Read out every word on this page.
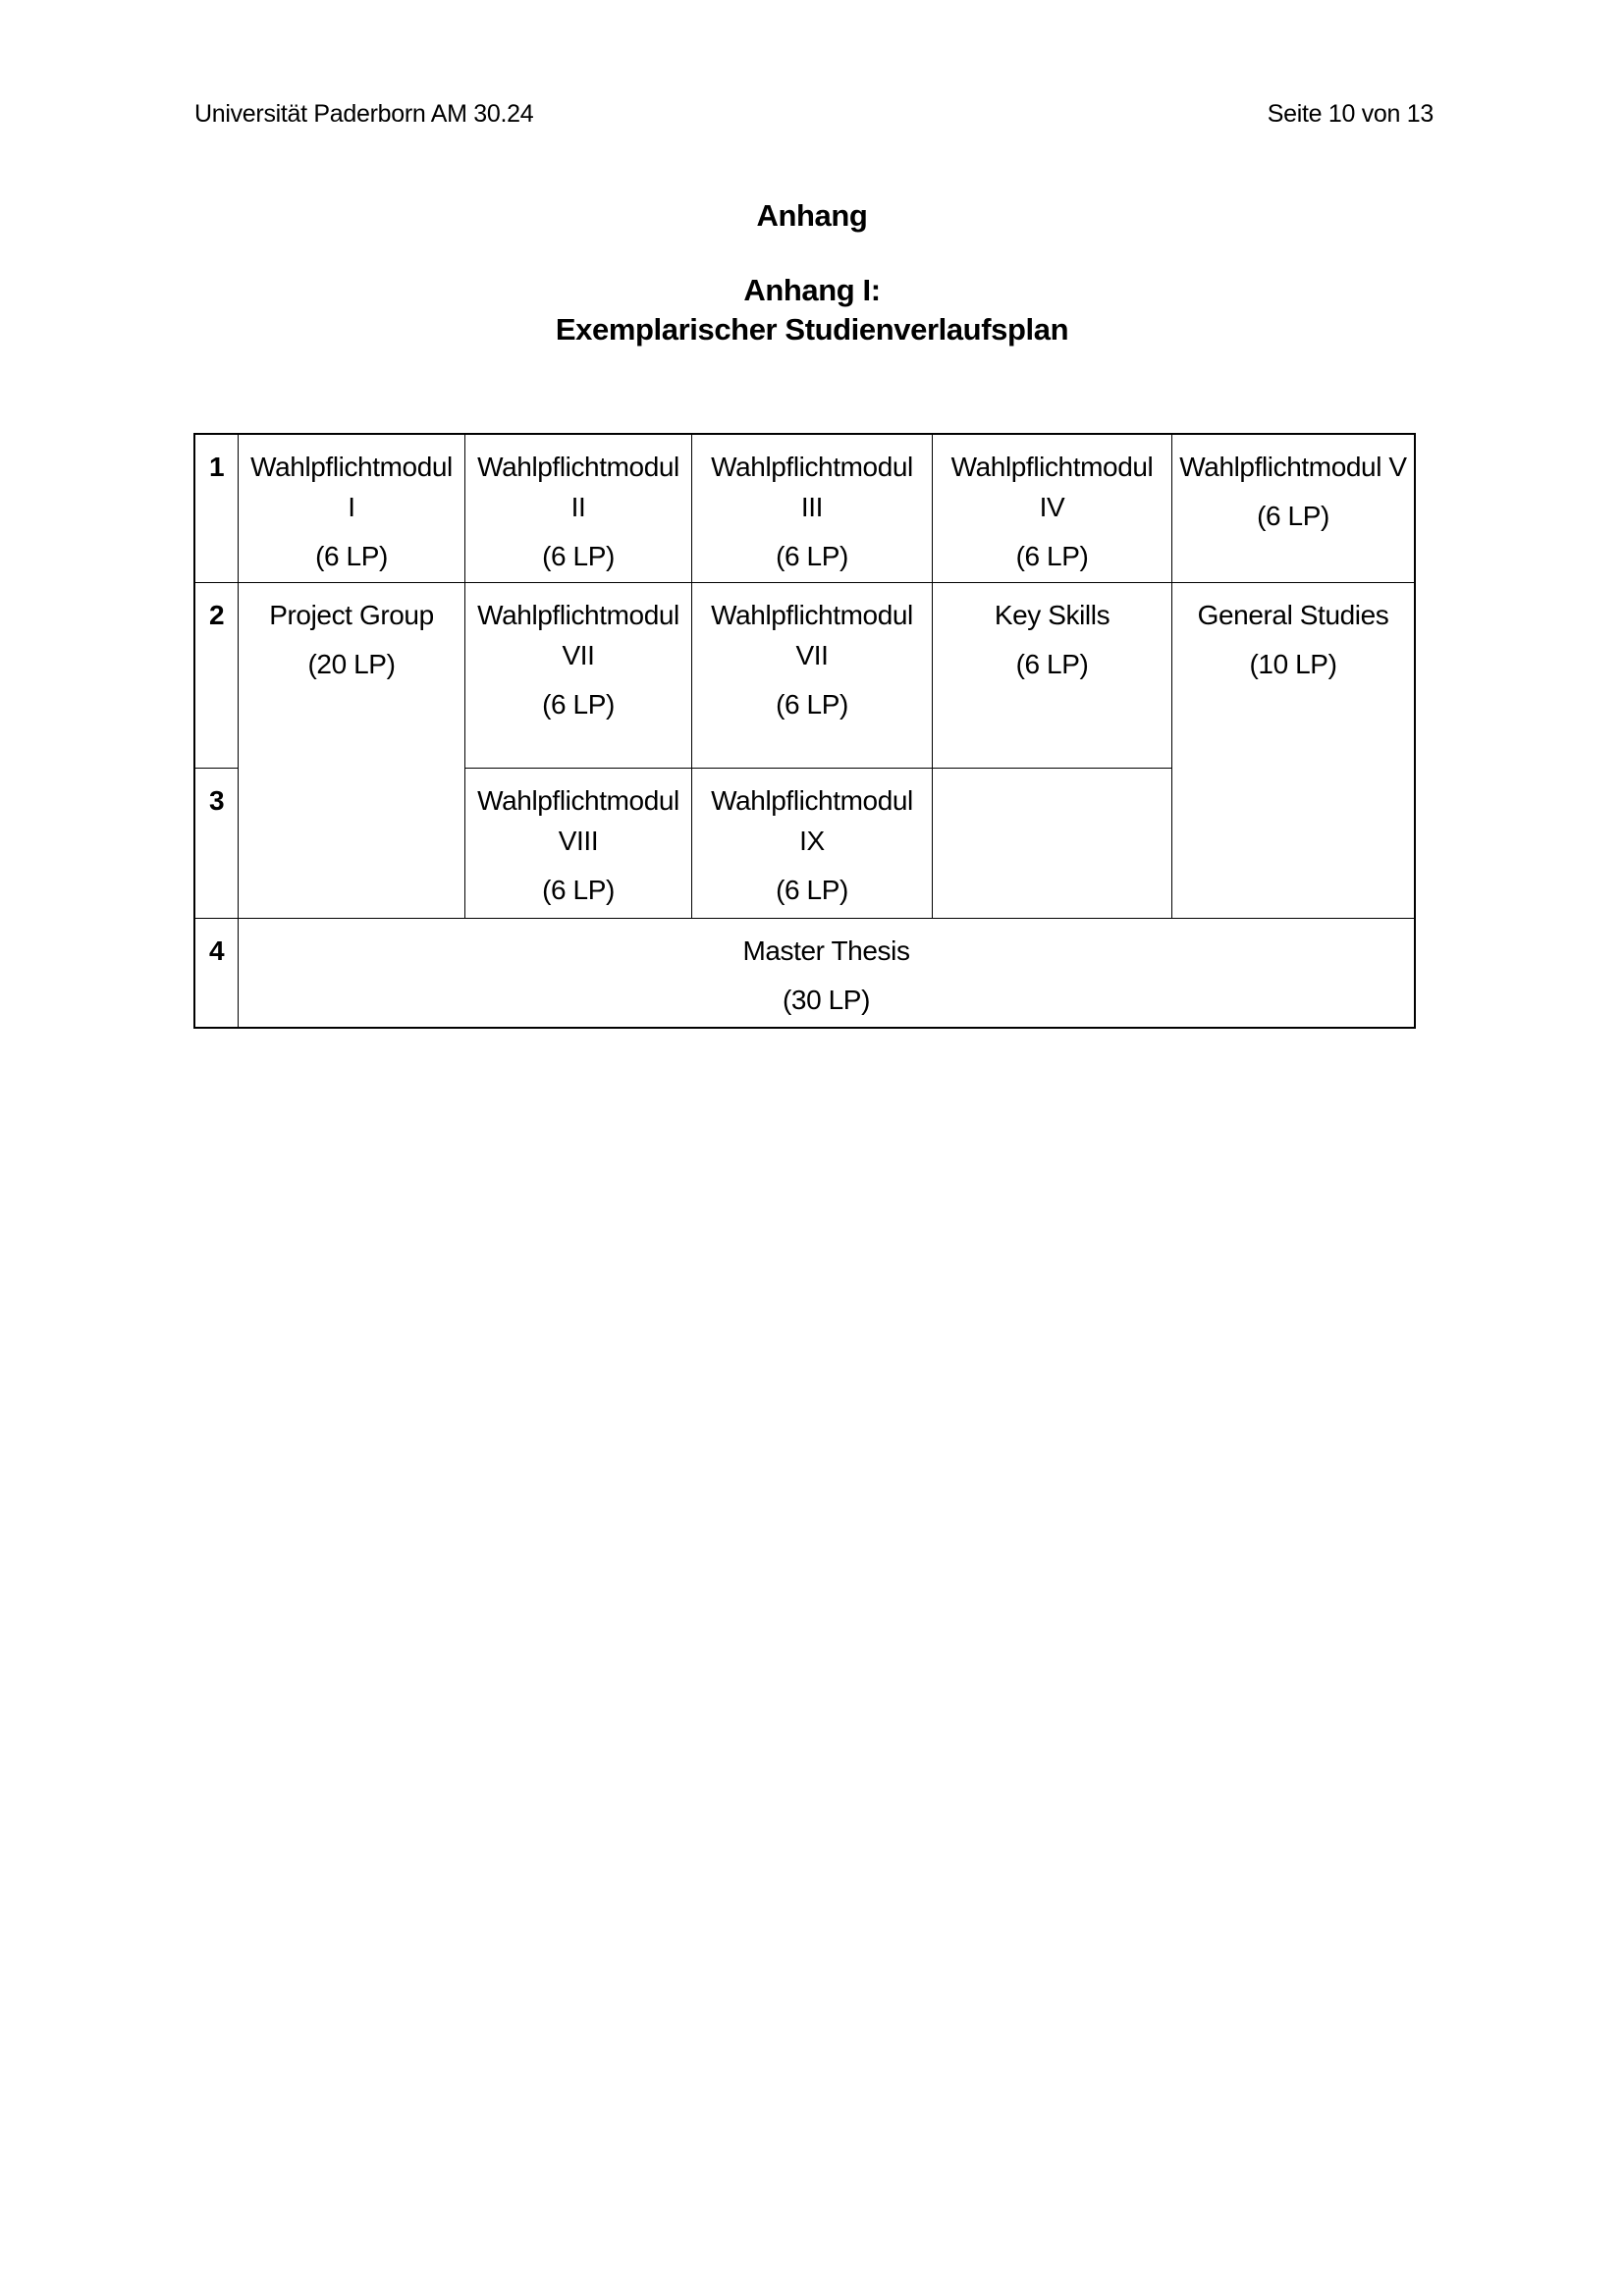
Universität Paderborn AM 30.24	Seite 10 von 13
Anhang
Anhang I:
Exemplarischer Studienverlaufsplan
1	Wahlpflichtmodul
I
(6 LP)	Wahlpflichtmodul
II
(6 LP)	Wahlpflichtmodul
III
(6 LP)	Wahlpflichtmodul
IV
(6 LP)	Wahlpflichtmodul V
(6 LP)

2	Project Group
(20 LP)	Wahlpflichtmodul
VII
(6 LP)	Wahlpflichtmodul
VII
(6 LP)	Key Skills
(6 LP)	General Studies
(10 LP)

3		Wahlpflichtmodul
VIII
(6 LP)	Wahlpflichtmodul
IX
(6 LP)		

4	Master Thesis
(30 LP)				
